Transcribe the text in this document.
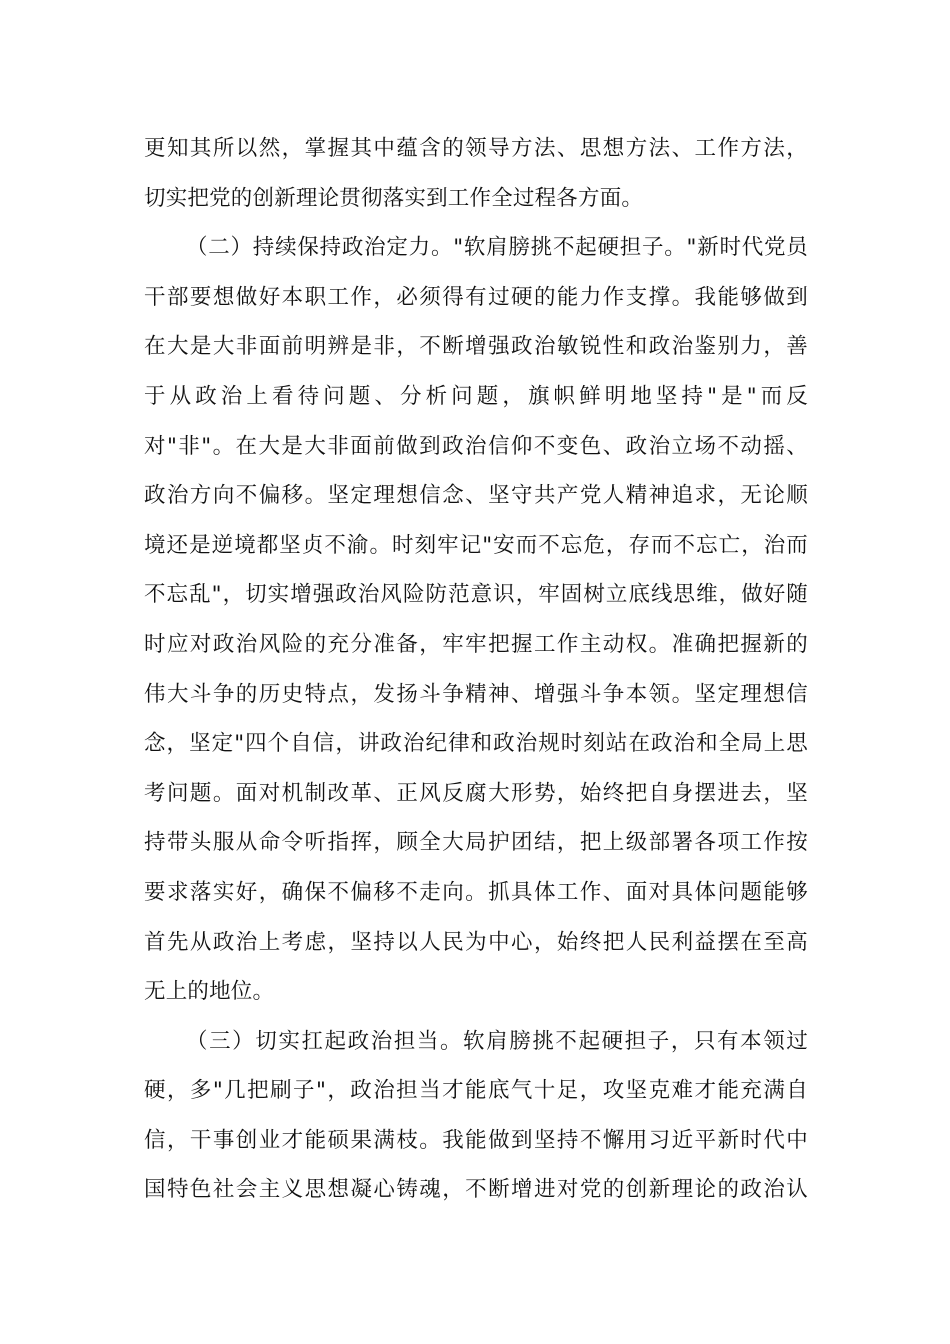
更知其所以然，掌握其中蕴含的领导方法、思想方法、工作方法，
切实把党的创新理论贯彻落实到工作全过程各方面。
（二）持续保持政治定力。"软肩膀挑不起硬担子。"新时代党员
干部要想做好本职工作，必须得有过硬的能力作支撑。我能够做到
在大是大非面前明辨是非，不断增强政治敏锐性和政治鉴别力，善
于从政治上看待问题、分析问题，旗帜鲜明地坚持"是"而反
对"非"。在大是大非面前做到政治信仰不变色、政治立场不动摇、
政治方向不偏移。坚定理想信念、坚守共产党人精神追求，无论顺
境还是逆境都坚贞不渝。时刻牢记"安而不忘危，存而不忘亡，治而
不忘乱"，切实增强政治风险防范意识，牢固树立底线思维，做好随
时应对政治风险的充分准备，牢牢把握工作主动权。准确把握新的
伟大斗争的历史特点，发扬斗争精神、增强斗争本领。坚定理想信
念，坚定"四个自信，讲政治纪律和政治规时刻站在政治和全局上思
考问题。面对机制改革、正风反腐大形势，始终把自身摆进去，坚
持带头服从命令听指挥，顾全大局护团结，把上级部署各项工作按
要求落实好，确保不偏移不走向。抓具体工作、面对具体问题能够
首先从政治上考虑，坚持以人民为中心，始终把人民利益摆在至高
无上的地位。
（三）切实扛起政治担当。软肩膀挑不起硬担子，只有本领过
硬，多"几把刷子"，政治担当才能底气十足，攻坚克难才能充满自
信，干事创业才能硕果满枝。我能做到坚持不懈用习近平新时代中
国特色社会主义思想凝心铸魂，不断增进对党的创新理论的政治认
